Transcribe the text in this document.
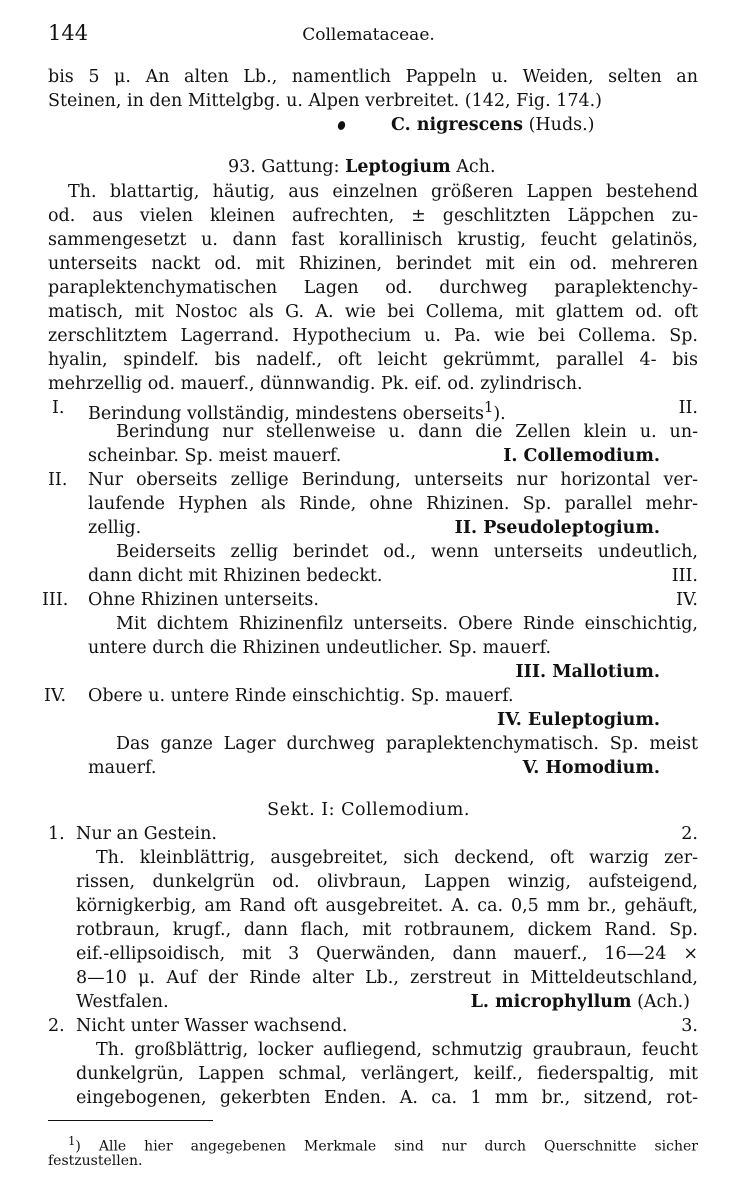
144	Collemataceae.
bis 5 μ. An alten Lb., namentlich Pappeln u. Weiden, selten an
Steinen, in den Mittelgbg. u. Alpen verbreitet. (142, Fig. 174.)
C. nigrescens (Huds.)
93. Gattung: Leptogium Ach.
Th. blattartig, häutig, aus einzelnen größeren Lappen bestehend
od. aus vielen kleinen aufrechten, ± geschlitzten Läppchen zu-
sammengesetzt u. dann fast korallinisch krustig, feucht gelatinös,
unterseits nackt od. mit Rhizinen, berindet mit ein od. mehreren
paraplektenchymatischen Lagen od. durchweg paraplektenchy-
matisch, mit Nostoc als G. A. wie bei Collema, mit glattem od. oft
zerschlitztem Lagerrand. Hypothecium u. Pa. wie bei Collema. Sp.
hyalin, spindelf. bis nadelf., oft leicht gekrümmt, parallel 4- bis
mehrzellig od. mauerf., dünnwandig. Pk. eif. od. zylindrisch.
I. Berindung vollständig, mindestens oberseits$^1$).	II.
Berindung nur stellenweise u. dann die Zellen klein u. un-
scheinbar. Sp. meist mauerf.	I. Collemodium.
II. Nur oberseits zellige Berindung, unterseits nur horizontal ver-
laufende Hyphen als Rinde, ohne Rhizinen. Sp. parallel mehr-
zellig.	II. Pseudoleptogium.
Beiderseits zellig berindet od., wenn unterseits undeutlich,
dann dicht mit Rhizinen bedeckt.	III.
III. Ohne Rhizinen unterseits.	IV.
Mit dichtem Rhizinenfilz unterseits. Obere Rinde einschichtig,
untere durch die Rhizinen undeutlicher. Sp. mauerf.
III. Mallotium.
IV. Obere u. untere Rinde einschichtig. Sp. mauerf.
IV. Euleptogium.
Das ganze Lager durchweg paraplektenchymatisch. Sp. meist
mauerf.	V. Homodium.
Sekt. I: Collemodium.
1. Nur an Gestein.	2.
Th. kleinblättrig, ausgebreitet, sich deckend, oft warzig zer-
rissen, dunkelgrün od. olivbraun, Lappen winzig, aufsteigend,
körnigkerbig, am Rand oft ausgebreitet. A. ca. 0,5 mm br., gehäuft,
rotbraun, krugf., dann flach, mit rotbraunem, dickem Rand. Sp.
eif.-ellipsoidisch, mit 3 Querwänden, dann mauerf., 16—24 ×
8—10 μ. Auf der Rinde alter Lb., zerstreut in Mitteldeutschland,
Westfalen.	L. microphyllum (Ach.)
2. Nicht unter Wasser wachsend.	3.
Th. großblättrig, locker aufliegend, schmutzig graubraun, feucht
dunkelgrün, Lappen schmal, verlängert, keilf., fiederspaltig, mit
eingebogenen, gekerbten Enden. A. ca. 1 mm br., sitzend, rot-
$^1$) Alle hier angegebenen Merkmale sind nur durch Querschnitte sicher
festzustellen.
